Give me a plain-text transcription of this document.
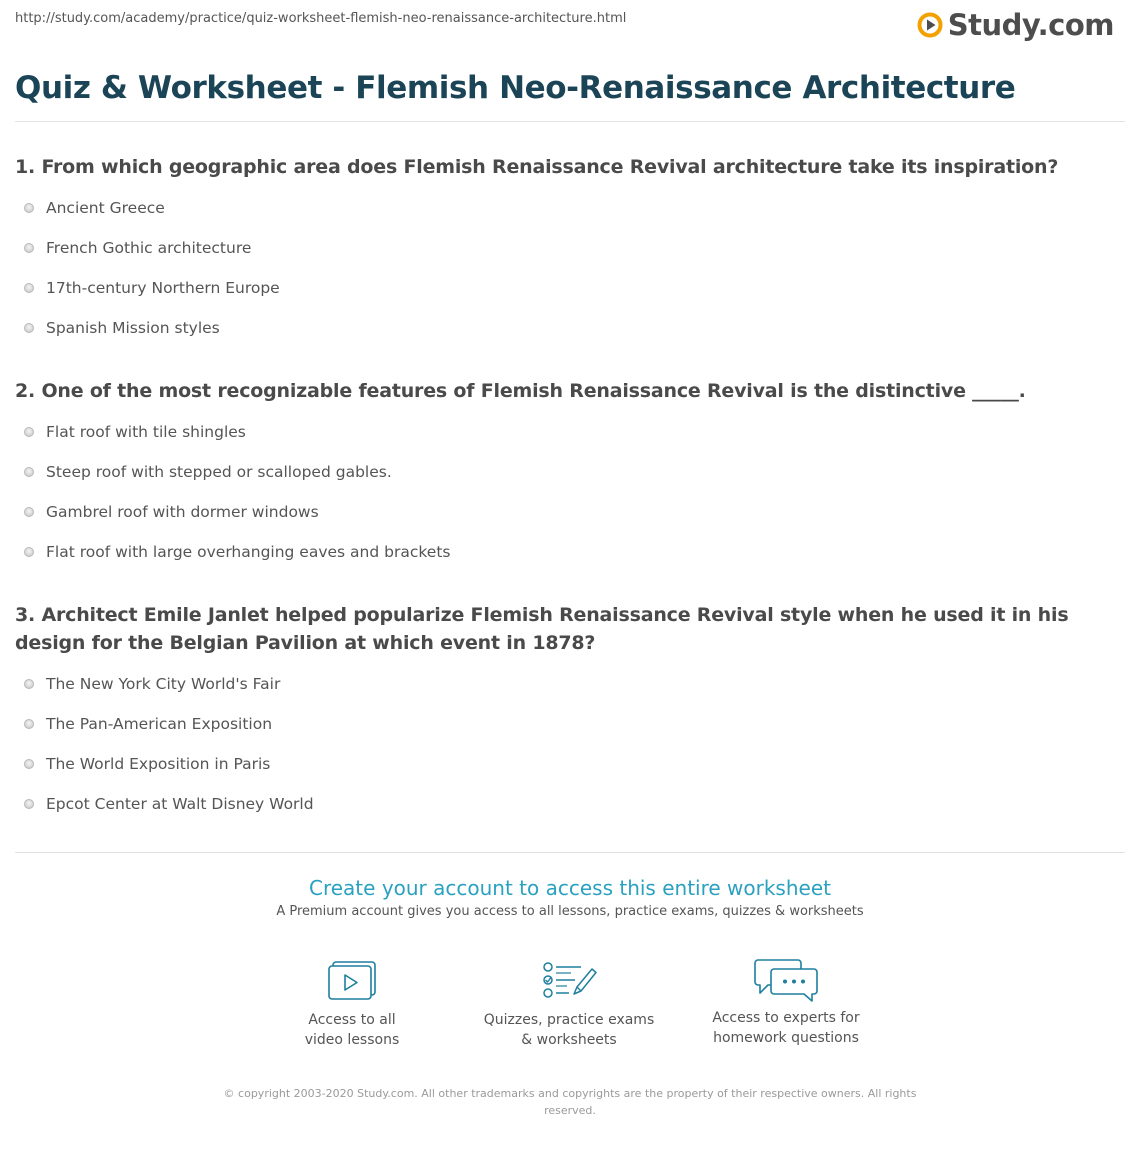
http://study.com/academy/practice/quiz-worksheet-flemish-neo-renaissance-architecture.html	Study.com
Quiz & Worksheet - Flemish Neo-Renaissance Architecture
1. From which geographic area does Flemish Renaissance Revival architecture take its inspiration?
Ancient Greece
French Gothic architecture
17th-century Northern Europe
Spanish Mission styles
2. One of the most recognizable features of Flemish Renaissance Revival is the distinctive _____.
Flat roof with tile shingles
Steep roof with stepped or scalloped gables.
Gambrel roof with dormer windows
Flat roof with large overhanging eaves and brackets
3. Architect Emile Janlet helped popularize Flemish Renaissance Revival style when he used it in his design for the Belgian Pavilion at which event in 1878?
The New York City World's Fair
The Pan-American Exposition
The World Exposition in Paris
Epcot Center at Walt Disney World
Create your account to access this entire worksheet

A Premium account gives you access to all lessons, practice exams, quizzes & worksheets

Access to all
video lessons
Quizzes, practice exams
& worksheets
Access to experts for
homework questions
© copyright 2003-2020 Study.com. All other trademarks and copyrights are the property of their respective owners. All rights reserved.
